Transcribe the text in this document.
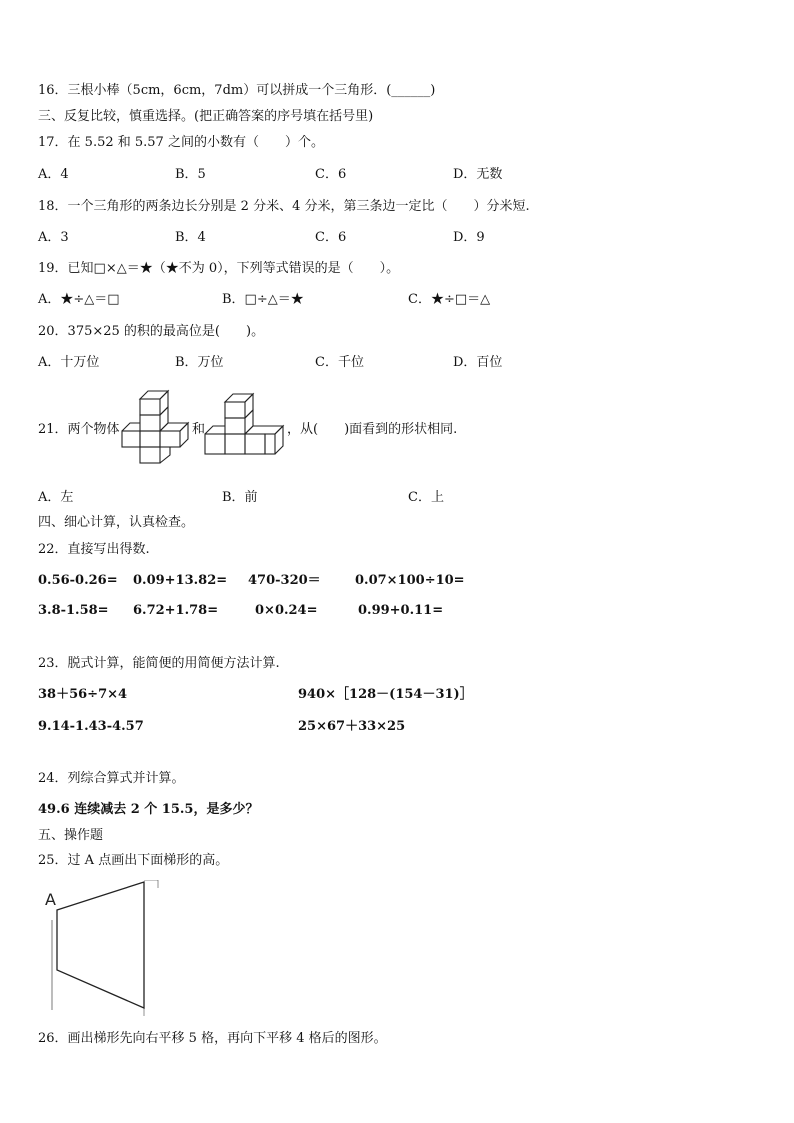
16．三根小棒（5cm，6cm，7dm）可以拼成一个三角形．(______)
三、反复比较，慎重选择。(把正确答案的序号填在括号里)
17．在 5.52 和 5.57 之间的小数有（　　）个。
A．4	B．5	C．6	D．无数
18．一个三角形的两条边长分别是 2 分米、4 分米，第三条边一定比（　　）分米短.
A．3	B．4	C．6	D．9
19．已知□×△＝★（★不为 0），下列等式错误的是（　　）。
A．★÷△＝□	B．□÷△＝★	C．★÷□＝△
20．375×25 的积的最高位是(　　)。
A．十万位	B．万位	C．千位	D．百位
21．两个物体	和	，从(　　)面看到的形状相同.
A．左	B．前	C．上
四、细心计算，认真检查。
22．直接写出得数.
0.56-0.26= 0.09+13.82= 470-320＝	0.07×100÷10=
3.8-1.58= 6.72+1.78=	0×0.24=	0.99+0.11=
23．脱式计算，能简便的用简便方法计算.
38＋56÷7×4	940×［128－(154－31)］
9.14-1.43-4.57	25×67＋33×25
24．列综合算式并计算。
49.6 连续减去 2 个 15.5，是多少？
五、操作题
25．过 A 点画出下面梯形的高。
A
26．画出梯形先向右平移 5 格，再向下平移 4 格后的图形。
